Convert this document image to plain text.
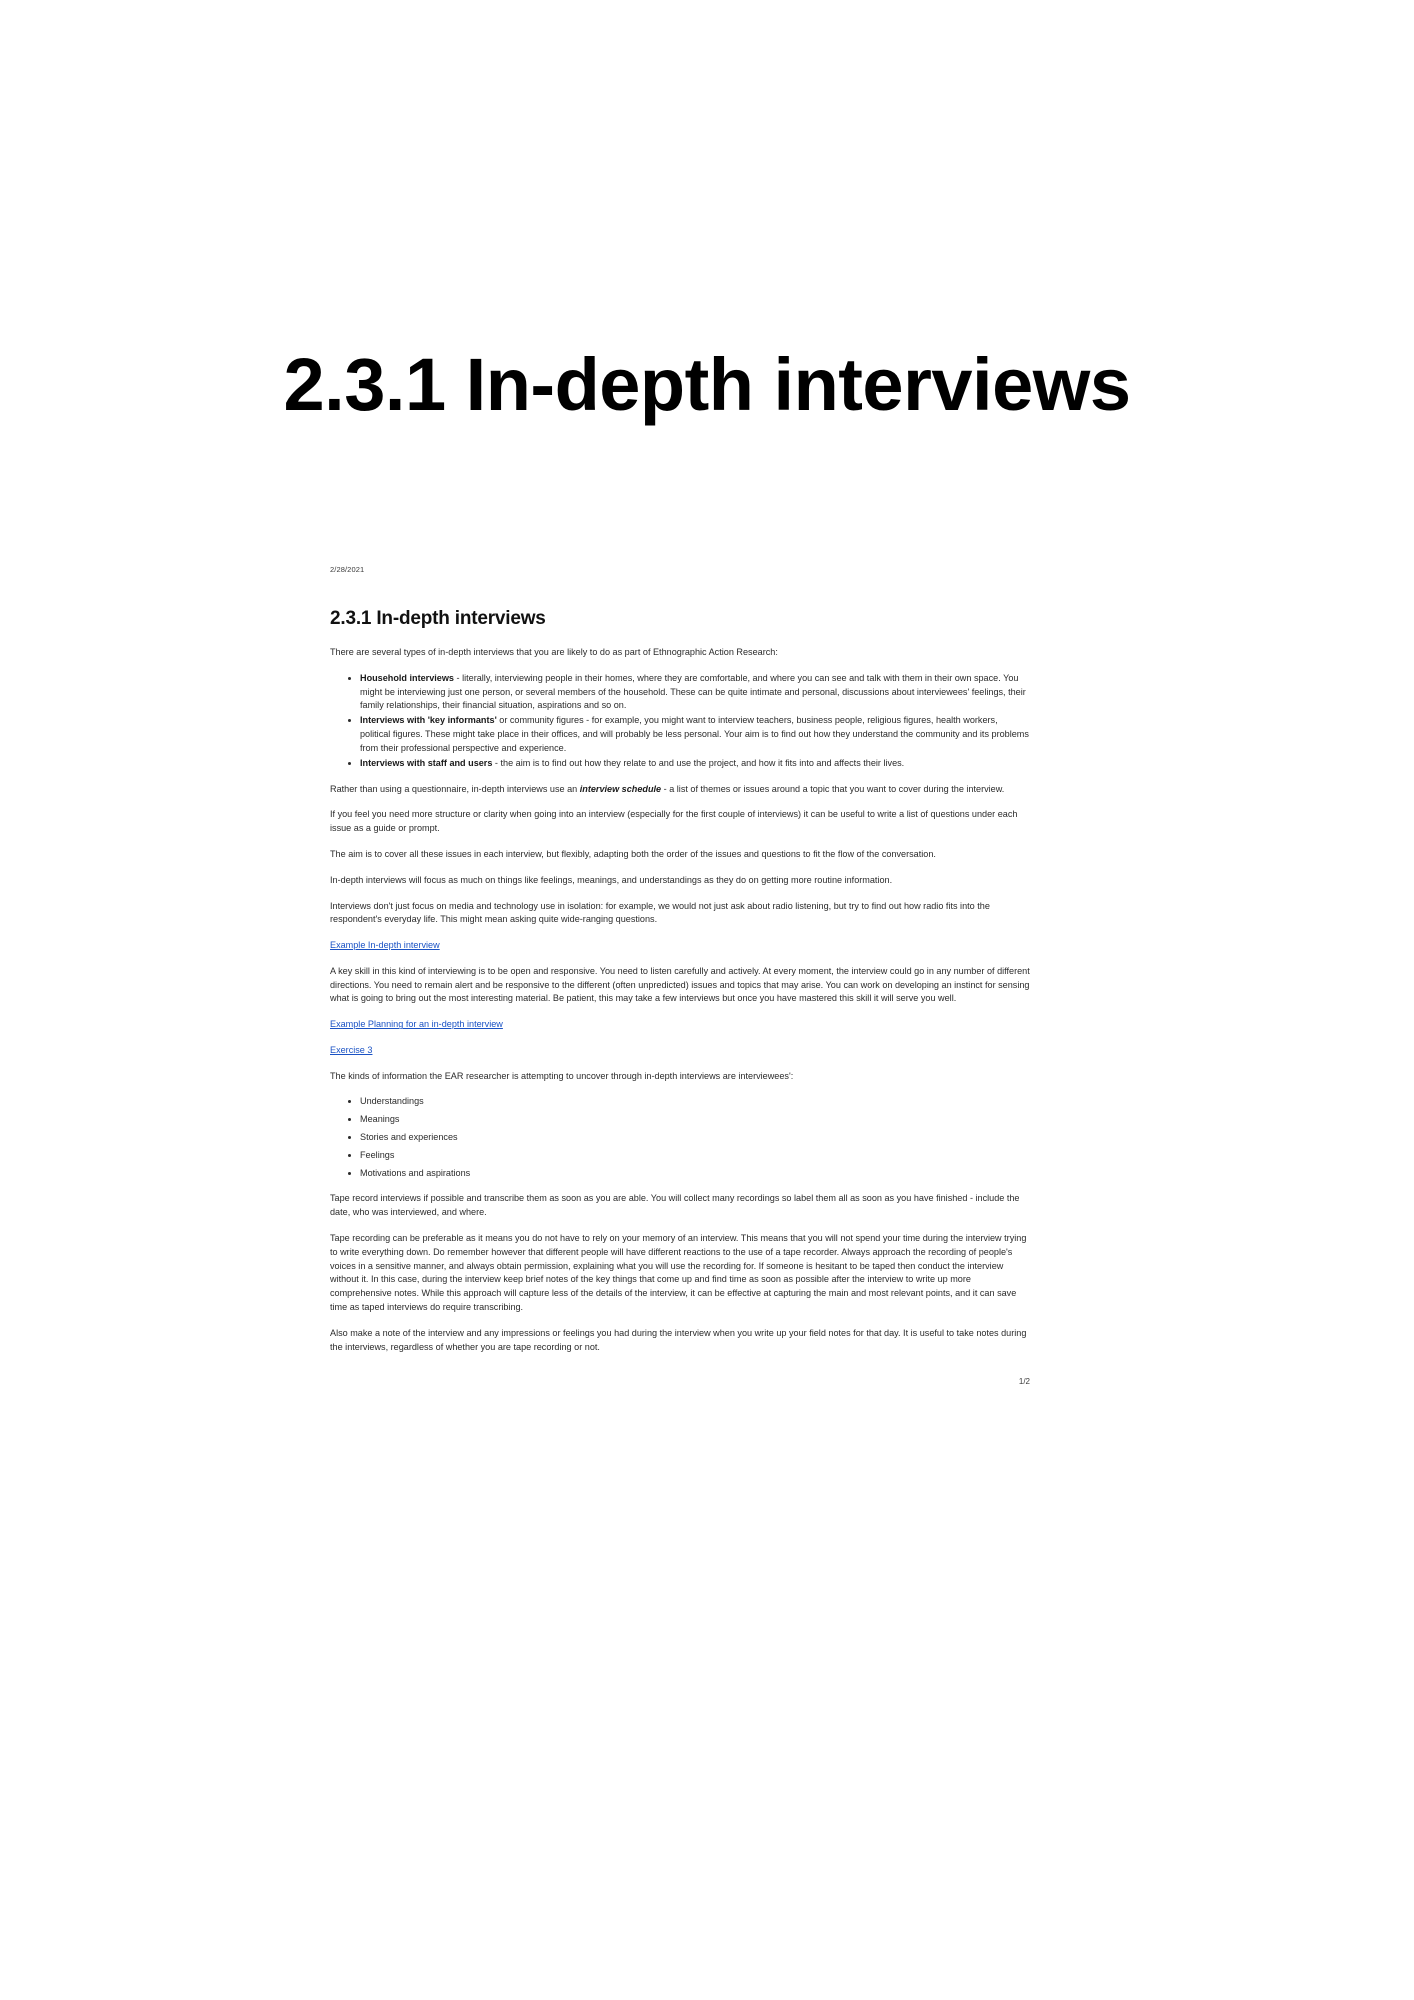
2.3.1 In-depth interviews
2/28/2021
2.3.1 In-depth interviews

There are several types of in-depth interviews that you are likely to do as part of Ethnographic Action Research:

• Household interviews - literally, interviewing people in their homes, where they are comfortable, and where you can see and talk with them in their own space. You might be interviewing just one person, or several members of the household. These can be quite intimate and personal, discussions about interviewees' feelings, their family relationships, their financial situation, aspirations and so on.
• Interviews with 'key informants' or community figures - for example, you might want to interview teachers, business people, religious figures, health workers, political figures. These might take place in their offices, and will probably be less personal. Your aim is to find out how they understand the community and its problems from their professional perspective and experience.
• Interviews with staff and users - the aim is to find out how they relate to and use the project, and how it fits into and affects their lives.

Rather than using a questionnaire, in-depth interviews use an interview schedule - a list of themes or issues around a topic that you want to cover during the interview.

If you feel you need more structure or clarity when going into an interview (especially for the first couple of interviews) it can be useful to write a list of questions under each issue as a guide or prompt.

The aim is to cover all these issues in each interview, but flexibly, adapting both the order of the issues and questions to fit the flow of the conversation.

In-depth interviews will focus as much on things like feelings, meanings, and understandings as they do on getting more routine information.

Interviews don't just focus on media and technology use in isolation: for example, we would not just ask about radio listening, but try to find out how radio fits into the respondent's everyday life. This might mean asking quite wide-ranging questions.

Example In-depth interview

A key skill in this kind of interviewing is to be open and responsive. You need to listen carefully and actively. At every moment, the interview could go in any number of different directions. You need to remain alert and be responsive to the different (often unpredicted) issues and topics that may arise. You can work on developing an instinct for sensing what is going to bring out the most interesting material. Be patient, this may take a few interviews but once you have mastered this skill it will serve you well.

Example Planning for an in-depth interview
Exercise 3

The kinds of information the EAR researcher is attempting to uncover through in-depth interviews are interviewees':

• Understandings
• Meanings
• Stories and experiences
• Feelings
• Motivations and aspirations

Tape record interviews if possible and transcribe them as soon as you are able. You will collect many recordings so label them all as soon as you have finished - include the date, who was interviewed, and where.

Tape recording can be preferable as it means you do not have to rely on your memory of an interview. This means that you will not spend your time during the interview trying to write everything down. Do remember however that different people will have different reactions to the use of a tape recorder. Always approach the recording of people's voices in a sensitive manner, and always obtain permission, explaining what you will use the recording for. If someone is hesitant to be taped then conduct the interview without it. In this case, during the interview keep brief notes of the key things that come up and find time as soon as possible after the interview to write up more comprehensive notes. While this approach will capture less of the details of the interview, it can be effective at capturing the main and most relevant points, and it can save time as taped interviews do require transcribing.

Also make a note of the interview and any impressions or feelings you had during the interview when you write up your field notes for that day. It is useful to take notes during the interviews, regardless of whether you are tape recording or not.

1/2
